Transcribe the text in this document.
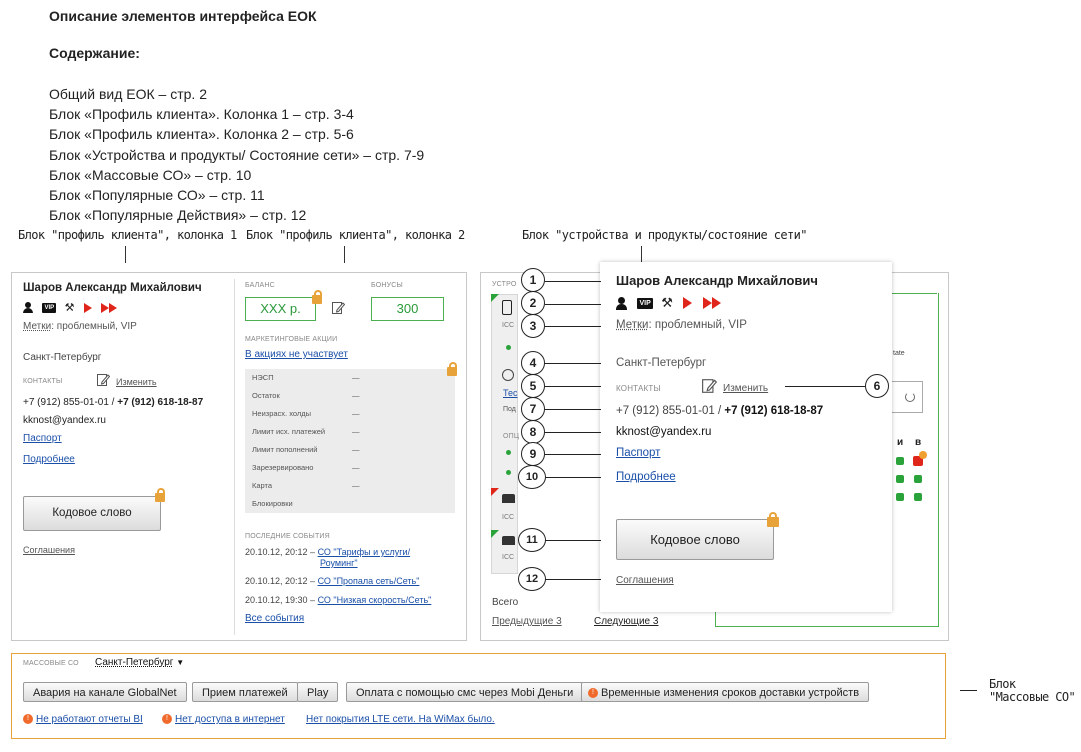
Описание элементов интерфейса ЕОК
Содержание:
Общий вид ЕОК – стр. 2
Блок «Профиль клиента». Колонка 1 – стр. 3-4
Блок «Профиль клиента». Колонка 2 – стр. 5-6
Блок «Устройства и продукты/ Состояние сети» – стр. 7-9
Блок «Массовые СО» – стр. 10
Блок «Популярные СО» – стр. 11
Блок «Популярные Действия» – стр. 12
Блок "профиль клиента", колонка 1 Блок "профиль клиента", колонка 2	Блок "устройства и продукты/состояние сети"
Шаров Александр Михайлович
VIP ⚒
Метки: проблемный, VIP
Санкт-Петербург
КОНТАКТЫ	Изменить
+7 (912) 855-01-01 / +7 (912) 618-18-87
kknost@yandex.ru
Паспорт
Подробнее
Кодовое слово
Соглашения
БАЛАНС
XXX р.
БОНУСЫ
300
МАРКЕТИНГОВЫЕ АКЦИИ
В акциях не участвует
НЭСП	—
Остаток	—
Неизрасх. холды	—
Лимит исх. платежей	—
Лимит пополнений	—
Зарезервировано	—
Карта	—
Блокировки
ПОСЛЕДНИЕ СОБЫТИЯ
20.10.12, 20:12 – СО "Тарифы и услуги/
Роуминг"
20.10.12, 20:12 – СО "Пропала сеть/Сеть"
20.10.12, 19:30 – СО "Низкая скорость/Сеть"
Все события
УСТРО
ICC
Тес
Под
ОПЦ
ICC
ICC
Всего
Предыдущие 3	Следующие 3
tate
и в
Шаров Александр Михайлович
VIP ⚒
Метки: проблемный, VIP
Санкт-Петербург
КОНТАКТЫ	Изменить
+7 (912) 855-01-01 / +7 (912) 618-18-87
kknost@yandex.ru
Паспорт
Подробнее
Кодовое слово
Соглашения
1
2
3
4
5	6
7
8
9
10
11
12
МАССОВЫЕ СО Санкт-Петербург ▼
Авария на канале GlobalNet	Прием платежей	Play	Оплата с помощью смс через Mobi Деньги	! Временные изменения сроков доставки устройств
! Не работают отчеты BI	! Нет доступа в интернет Нет покрытия LTE сети. На WiMax было.
Блок
"Массовые СО"
